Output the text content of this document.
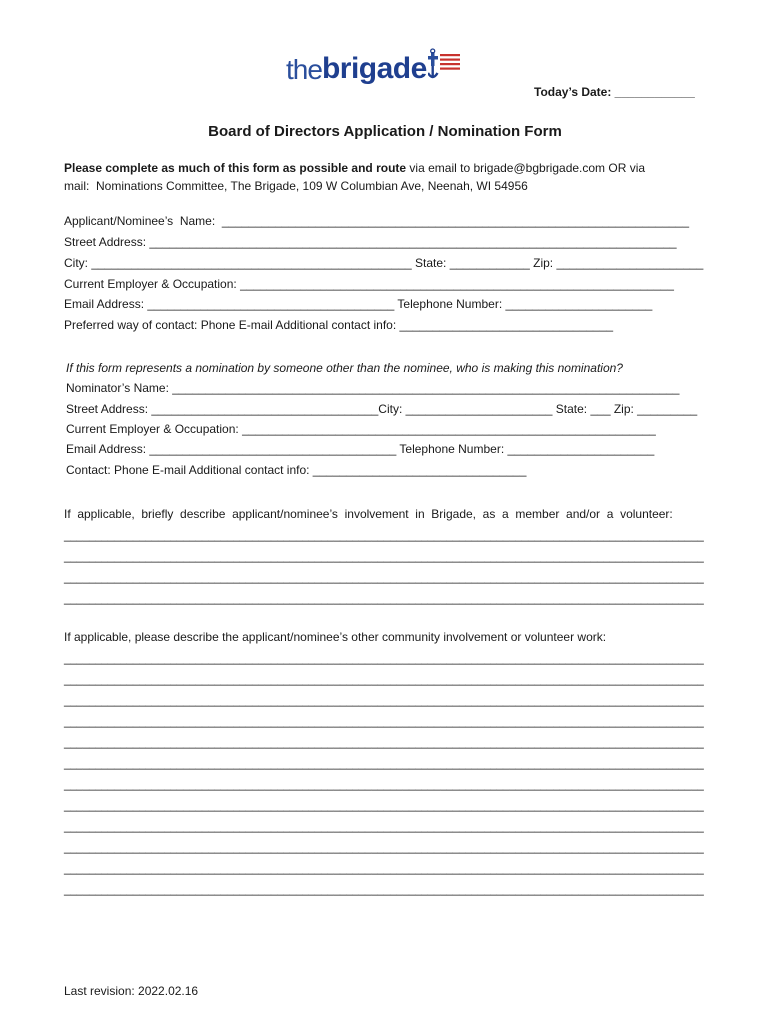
the brigade
Today’s Date: ____________
Board of Directors Application / Nomination Form
Please complete as much of this form as possible and route via email to brigade@bgbrigade.com OR via
mail:  Nominations Committee, The Brigade, 109 W Columbian Ave, Neenah, WI 54956
Applicant/Nominee’s  Name:  ______________________________________________________________________
Street Address: _______________________________________________________________________________
City: ________________________________________________ State: ____________ Zip: ______________________
Current Employer & Occupation: _________________________________________________________________
Email Address: _____________________________________ Telephone Number: ______________________
Preferred way of contact: Phone E-mail Additional contact info: ________________________________
If this form represents a nomination by someone other than the nominee, who is making this nomination?
Nominator’s Name: ____________________________________________________________________________
Street Address: __________________________________City: ______________________ State: ___ Zip: _________
Current Employer & Occupation: ______________________________________________________________
Email Address: _____________________________________ Telephone Number: ______________________
Contact: Phone E-mail Additional contact info: ________________________________
If  applicable,  briefly  describe  applicant/nominee’s  involvement  in  Brigade,  as  a  member  and/or  a  volunteer:
______________________________________________________________________________________________________
______________________________________________________________________________________________________
______________________________________________________________________________________________________
______________________________________________________________________________________________________
If applicable, please describe the applicant/nominee’s other community involvement or volunteer work:
______________________________________________________________________________________________________
______________________________________________________________________________________________________
______________________________________________________________________________________________________
______________________________________________________________________________________________________
______________________________________________________________________________________________________
______________________________________________________________________________________________________
______________________________________________________________________________________________________
______________________________________________________________________________________________________
______________________________________________________________________________________________________
______________________________________________________________________________________________________
______________________________________________________________________________________________________
______________________________________________________________________________________________________
Last revision: 2022.02.16
